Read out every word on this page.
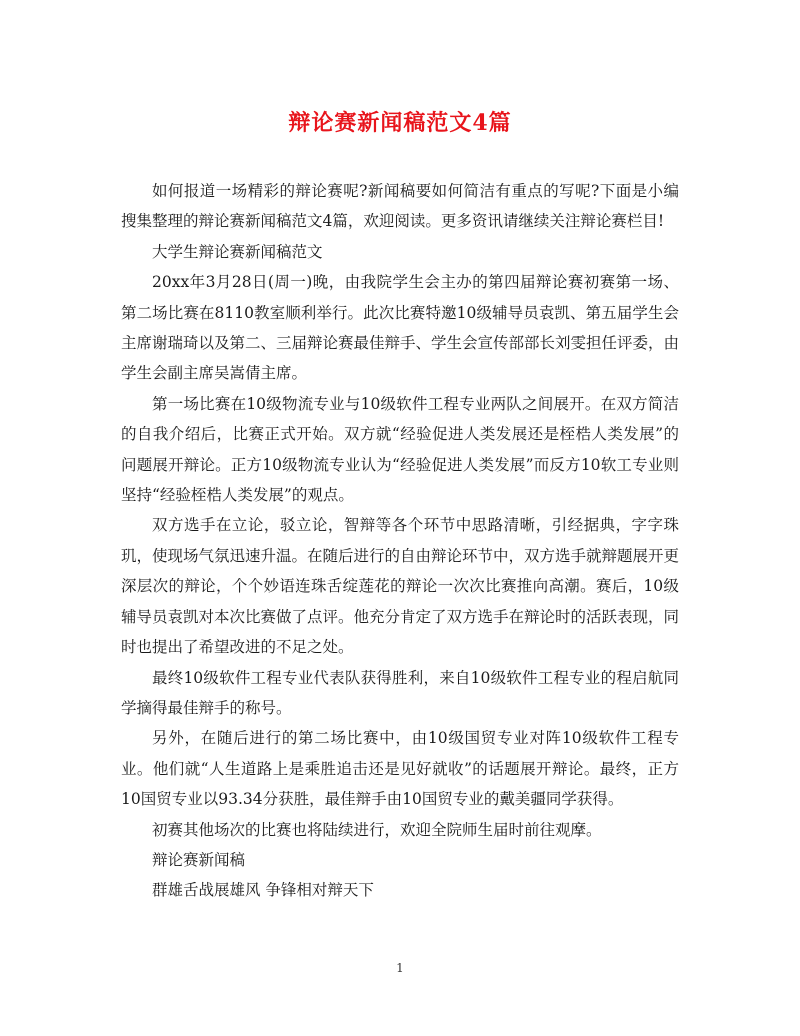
辩论赛新闻稿范文4篇

如何报道一场精彩的辩论赛呢?新闻稿要如何简洁有重点的写呢?下面是小编搜集整理的辩论赛新闻稿范文4篇，欢迎阅读。更多资讯请继续关注辩论赛栏目!

大学生辩论赛新闻稿范文

20xx年3月28日(周一)晚，由我院学生会主办的第四届辩论赛初赛第一场、第二场比赛在8110教室顺利举行。此次比赛特邀10级辅导员袁凯、第五届学生会主席谢瑞琦以及第二、三届辩论赛最佳辩手、学生会宣传部部长刘雯担任评委，由学生会副主席吴嵩倩主席。

第一场比赛在10级物流专业与10级软件工程专业两队之间展开。在双方简洁的自我介绍后，比赛正式开始。双方就“经验促进人类发展还是桎梏人类发展”的问题展开辩论。正方10级物流专业认为“经验促进人类发展”而反方10软工专业则坚持“经验桎梏人类发展”的观点。

双方选手在立论，驳立论，智辩等各个环节中思路清晰，引经据典，字字珠玑，使现场气氛迅速升温。在随后进行的自由辩论环节中，双方选手就辩题展开更深层次的辩论，个个妙语连珠舌绽莲花的辩论一次次比赛推向高潮。赛后，10级辅导员袁凯对本次比赛做了点评。他充分肯定了双方选手在辩论时的活跃表现，同时也提出了希望改进的不足之处。

最终10级软件工程专业代表队获得胜利，来自10级软件工程专业的程启航同学摘得最佳辩手的称号。

另外，在随后进行的第二场比赛中，由10级国贸专业对阵10级软件工程专业。他们就“人生道路上是乘胜追击还是见好就收”的话题展开辩论。最终，正方10国贸专业以93.34分获胜，最佳辩手由10国贸专业的戴美疆同学获得。

初赛其他场次的比赛也将陆续进行，欢迎全院师生届时前往观摩。

辩论赛新闻稿

群雄舌战展雄风 争锋相对辩天下

1
